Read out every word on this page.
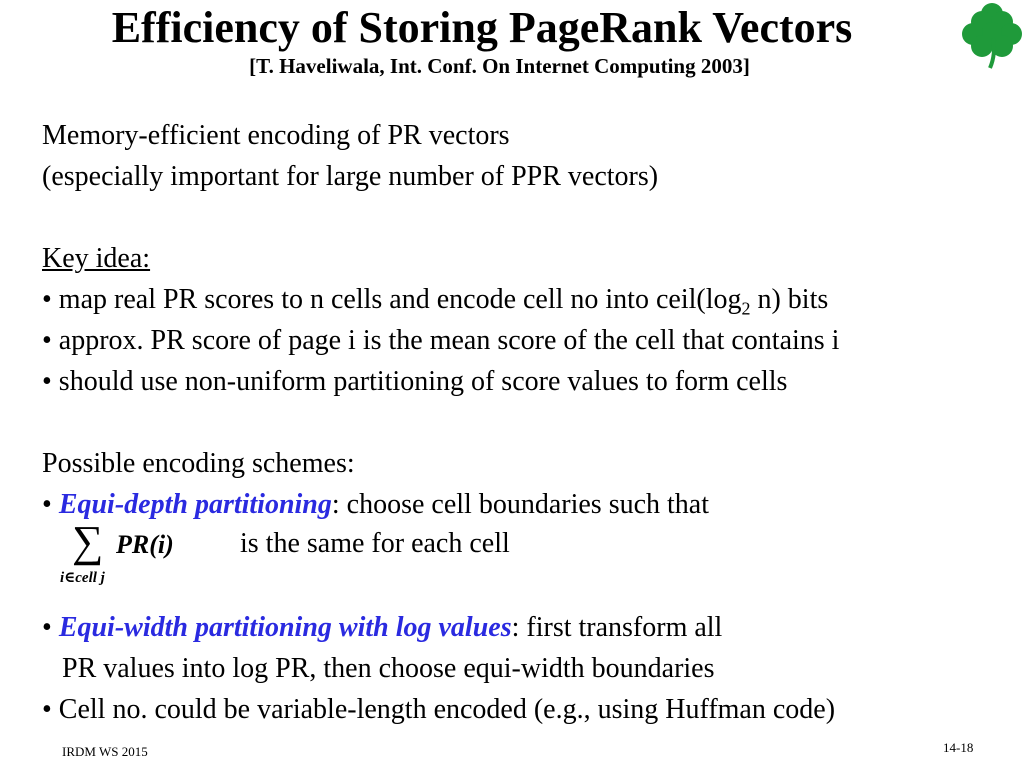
Efficiency of Storing PageRank Vectors
[T. Haveliwala, Int. Conf. On Internet Computing 2003]
Memory-efficient encoding of PR vectors
(especially important for large number of PPR vectors)
Key idea:
• map real PR scores to n cells and encode cell no into $ceil(\log_2$ n) bits
• approx. PR score of page i is the mean score of the cell that contains i
• should use non-uniform partitioning of score values to form cells
Possible encoding schemes:
• Equi-depth partitioning: choose cell boundaries such that
∑ PR(i)
i∈cell j
is the same for each cell
• Equi-width partitioning with log values: first transform all
PR values into log PR, then choose equi-width boundaries
• Cell no. could be variable-length encoded (e.g., using Huffman code)
IRDM WS 2015	14-18
